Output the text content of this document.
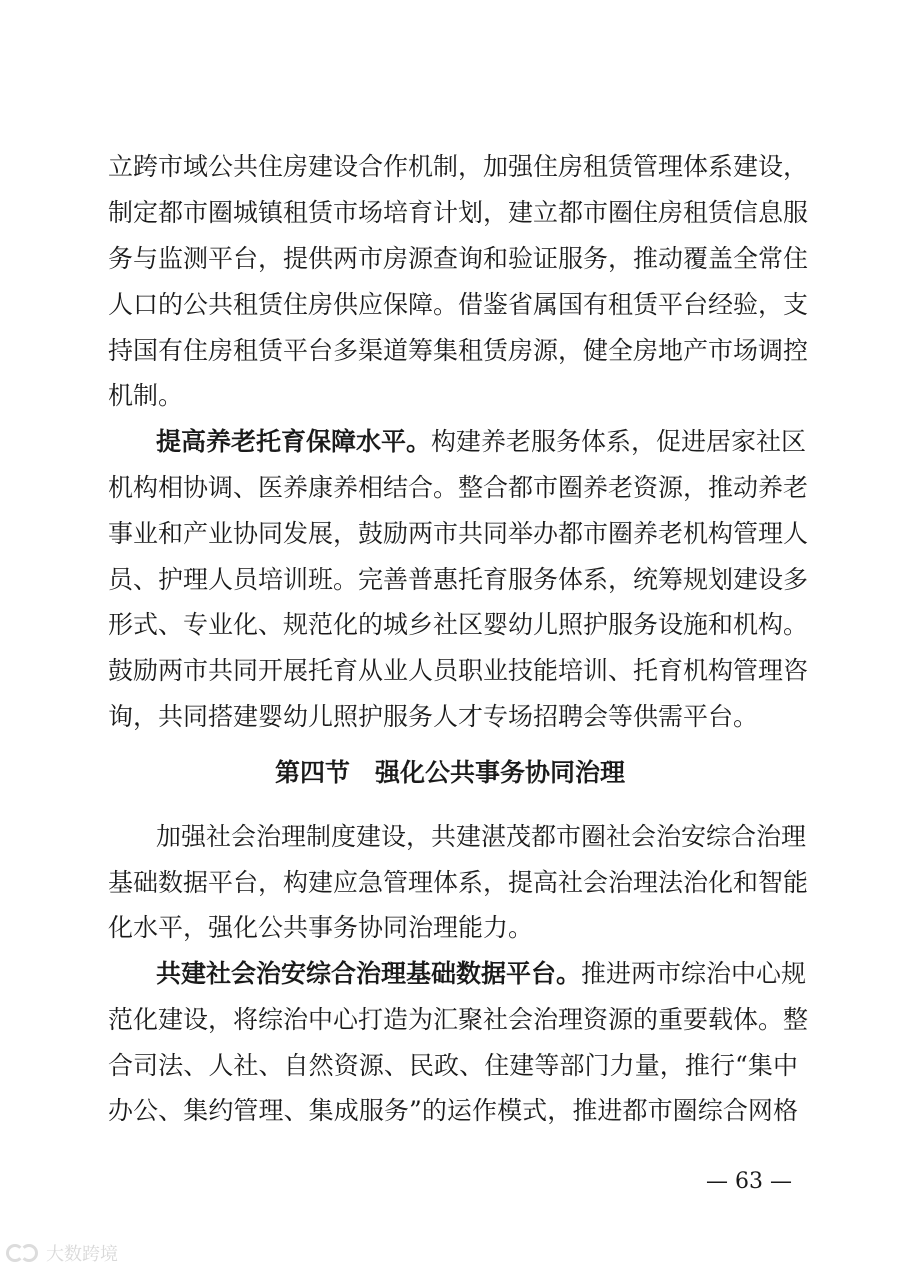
立跨市域公共住房建设合作机制，加强住房租赁管理体系建设，
制定都市圈城镇租赁市场培育计划，建立都市圈住房租赁信息服
务与监测平台，提供两市房源查询和验证服务，推动覆盖全常住
人口的公共租赁住房供应保障。借鉴省属国有租赁平台经验，支
持国有住房租赁平台多渠道筹集租赁房源，健全房地产市场调控
机制。
提高养老托育保障水平。构建养老服务体系，促进居家社区
机构相协调、医养康养相结合。整合都市圈养老资源，推动养老
事业和产业协同发展，鼓励两市共同举办都市圈养老机构管理人
员、护理人员培训班。完善普惠托育服务体系，统筹规划建设多
形式、专业化、规范化的城乡社区婴幼儿照护服务设施和机构。
鼓励两市共同开展托育从业人员职业技能培训、托育机构管理咨
询，共同搭建婴幼儿照护服务人才专场招聘会等供需平台。
第四节　强化公共事务协同治理
加强社会治理制度建设，共建湛茂都市圈社会治安综合治理
基础数据平台，构建应急管理体系，提高社会治理法治化和智能
化水平，强化公共事务协同治理能力。
共建社会治安综合治理基础数据平台。推进两市综治中心规
范化建设，将综治中心打造为汇聚社会治理资源的重要载体。整
合司法、人社、自然资源、民政、住建等部门力量，推行“集中
办公、集约管理、集成服务”的运作模式，推进都市圈综合网格
— 63 —
大数跨境
